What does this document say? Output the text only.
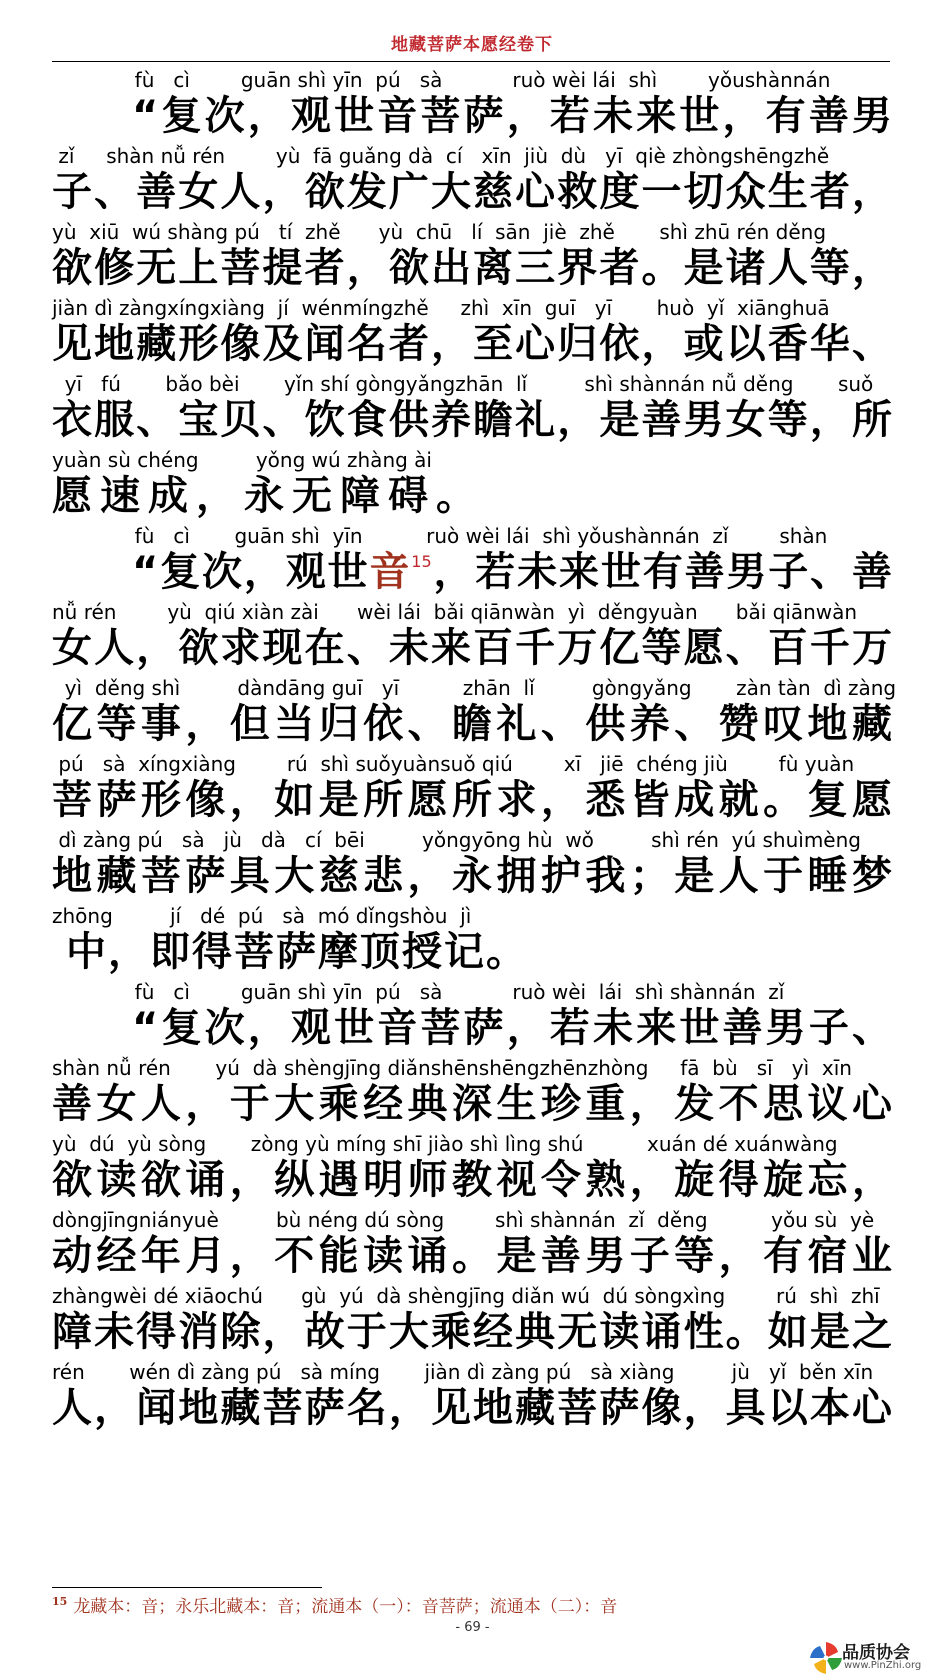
地藏菩萨本愿经卷下
fù   cì        guān shì yīn  pú   sà           ruò wèi lái  shì        yǒushànnán
“复次，观世音菩萨，若未来世，有善男
zǐ     shàn nǚ rén        yù  fā guǎng dà  cí   xīn  jiù  dù   yī  qiè zhòngshēngzhě
子、善女人，欲发广大慈心救度一切众生者，
yù  xiū  wú shàng pú   tí  zhě      yù  chū   lí  sān  jiè  zhě       shì zhū rén děng
欲修无上菩提者，欲出离三界者。是诸人等，
jiàn dì zàngxíngxiàng  jí  wénmíngzhě     zhì  xīn  guī   yī       huò  yǐ  xiānghuā
见地藏形像及闻名者，至心归依，或以香华、
yī   fú       bǎo bèi       yǐn shí gòngyǎngzhān  lǐ         shì shànnán nǚ děng       suǒ
衣服、宝贝、饮食供养瞻礼，是善男女等，所
yuàn sù chéng         yǒng wú zhàng ài
愿速成，永无障碍。
fù   cì       guān shì  yīn          ruò wèi lái  shì yǒushànnán  zǐ        shàn
“复次，观世音$^{15}$，若未来世有善男子、善
nǚ rén        yù  qiú xiàn zài      wèi lái  bǎi qiānwàn  yì  děngyuàn      bǎi qiānwàn
女人，欲求现在、未来百千万亿等愿、百千万
yì  děng shì         dàndāng guī   yī          zhān  lǐ         gòngyǎng       zàn tàn  dì zàng
亿等事，但当归依、瞻礼、供养、赞叹地藏
pú   sà  xíngxiàng        rú  shì suǒyuànsuǒ qiú        xī   jiē  chéng jiù        fù yuàn
菩萨形像，如是所愿所求，悉皆成就。复愿
dì zàng pú   sà   jù   dà   cí  bēi         yǒngyōng hù  wǒ         shì rén  yú shuìmèng
地藏菩萨具大慈悲，永拥护我；是人于睡梦
zhōng         jí   dé  pú   sà  mó dǐngshòu  jì
中，即得菩萨摩顶授记。
fù   cì        guān shì yīn  pú   sà           ruò wèi  lái  shì shànnán  zǐ
“复次，观世音菩萨，若未来世善男子、
shàn nǚ rén       yú  dà shèngjīng diǎnshēnshēngzhēnzhòng     fā  bù   sī   yì  xīn
善女人，于大乘经典深生珍重，发不思议心
yù  dú  yù sòng       zòng yù míng shī jiào shì lìng shú          xuán dé xuánwàng
欲读欲诵，纵遇明师教视令熟，旋得旋忘，
dòngjīngniányuè         bù néng dú sòng        shì shànnán  zǐ  děng          yǒu sù  yè
动经年月，不能读诵。是善男子等，有宿业
zhàngwèi dé xiāochú      gù  yú  dà shèngjīng diǎn wú  dú sòngxìng        rú  shì  zhī
障未得消除，故于大乘经典无读诵性。如是之
rén       wén dì zàng pú   sà míng       jiàn dì zàng pú   sà xiàng         jù   yǐ  běn xīn
人，闻地藏菩萨名，见地藏菩萨像，具以本心
$^{15}$ 龙藏本：音；永乐北藏本：音；流通本（一）：音菩萨；流通本（二）：音
- 69 -
品质协会
www.PinZhi.org
